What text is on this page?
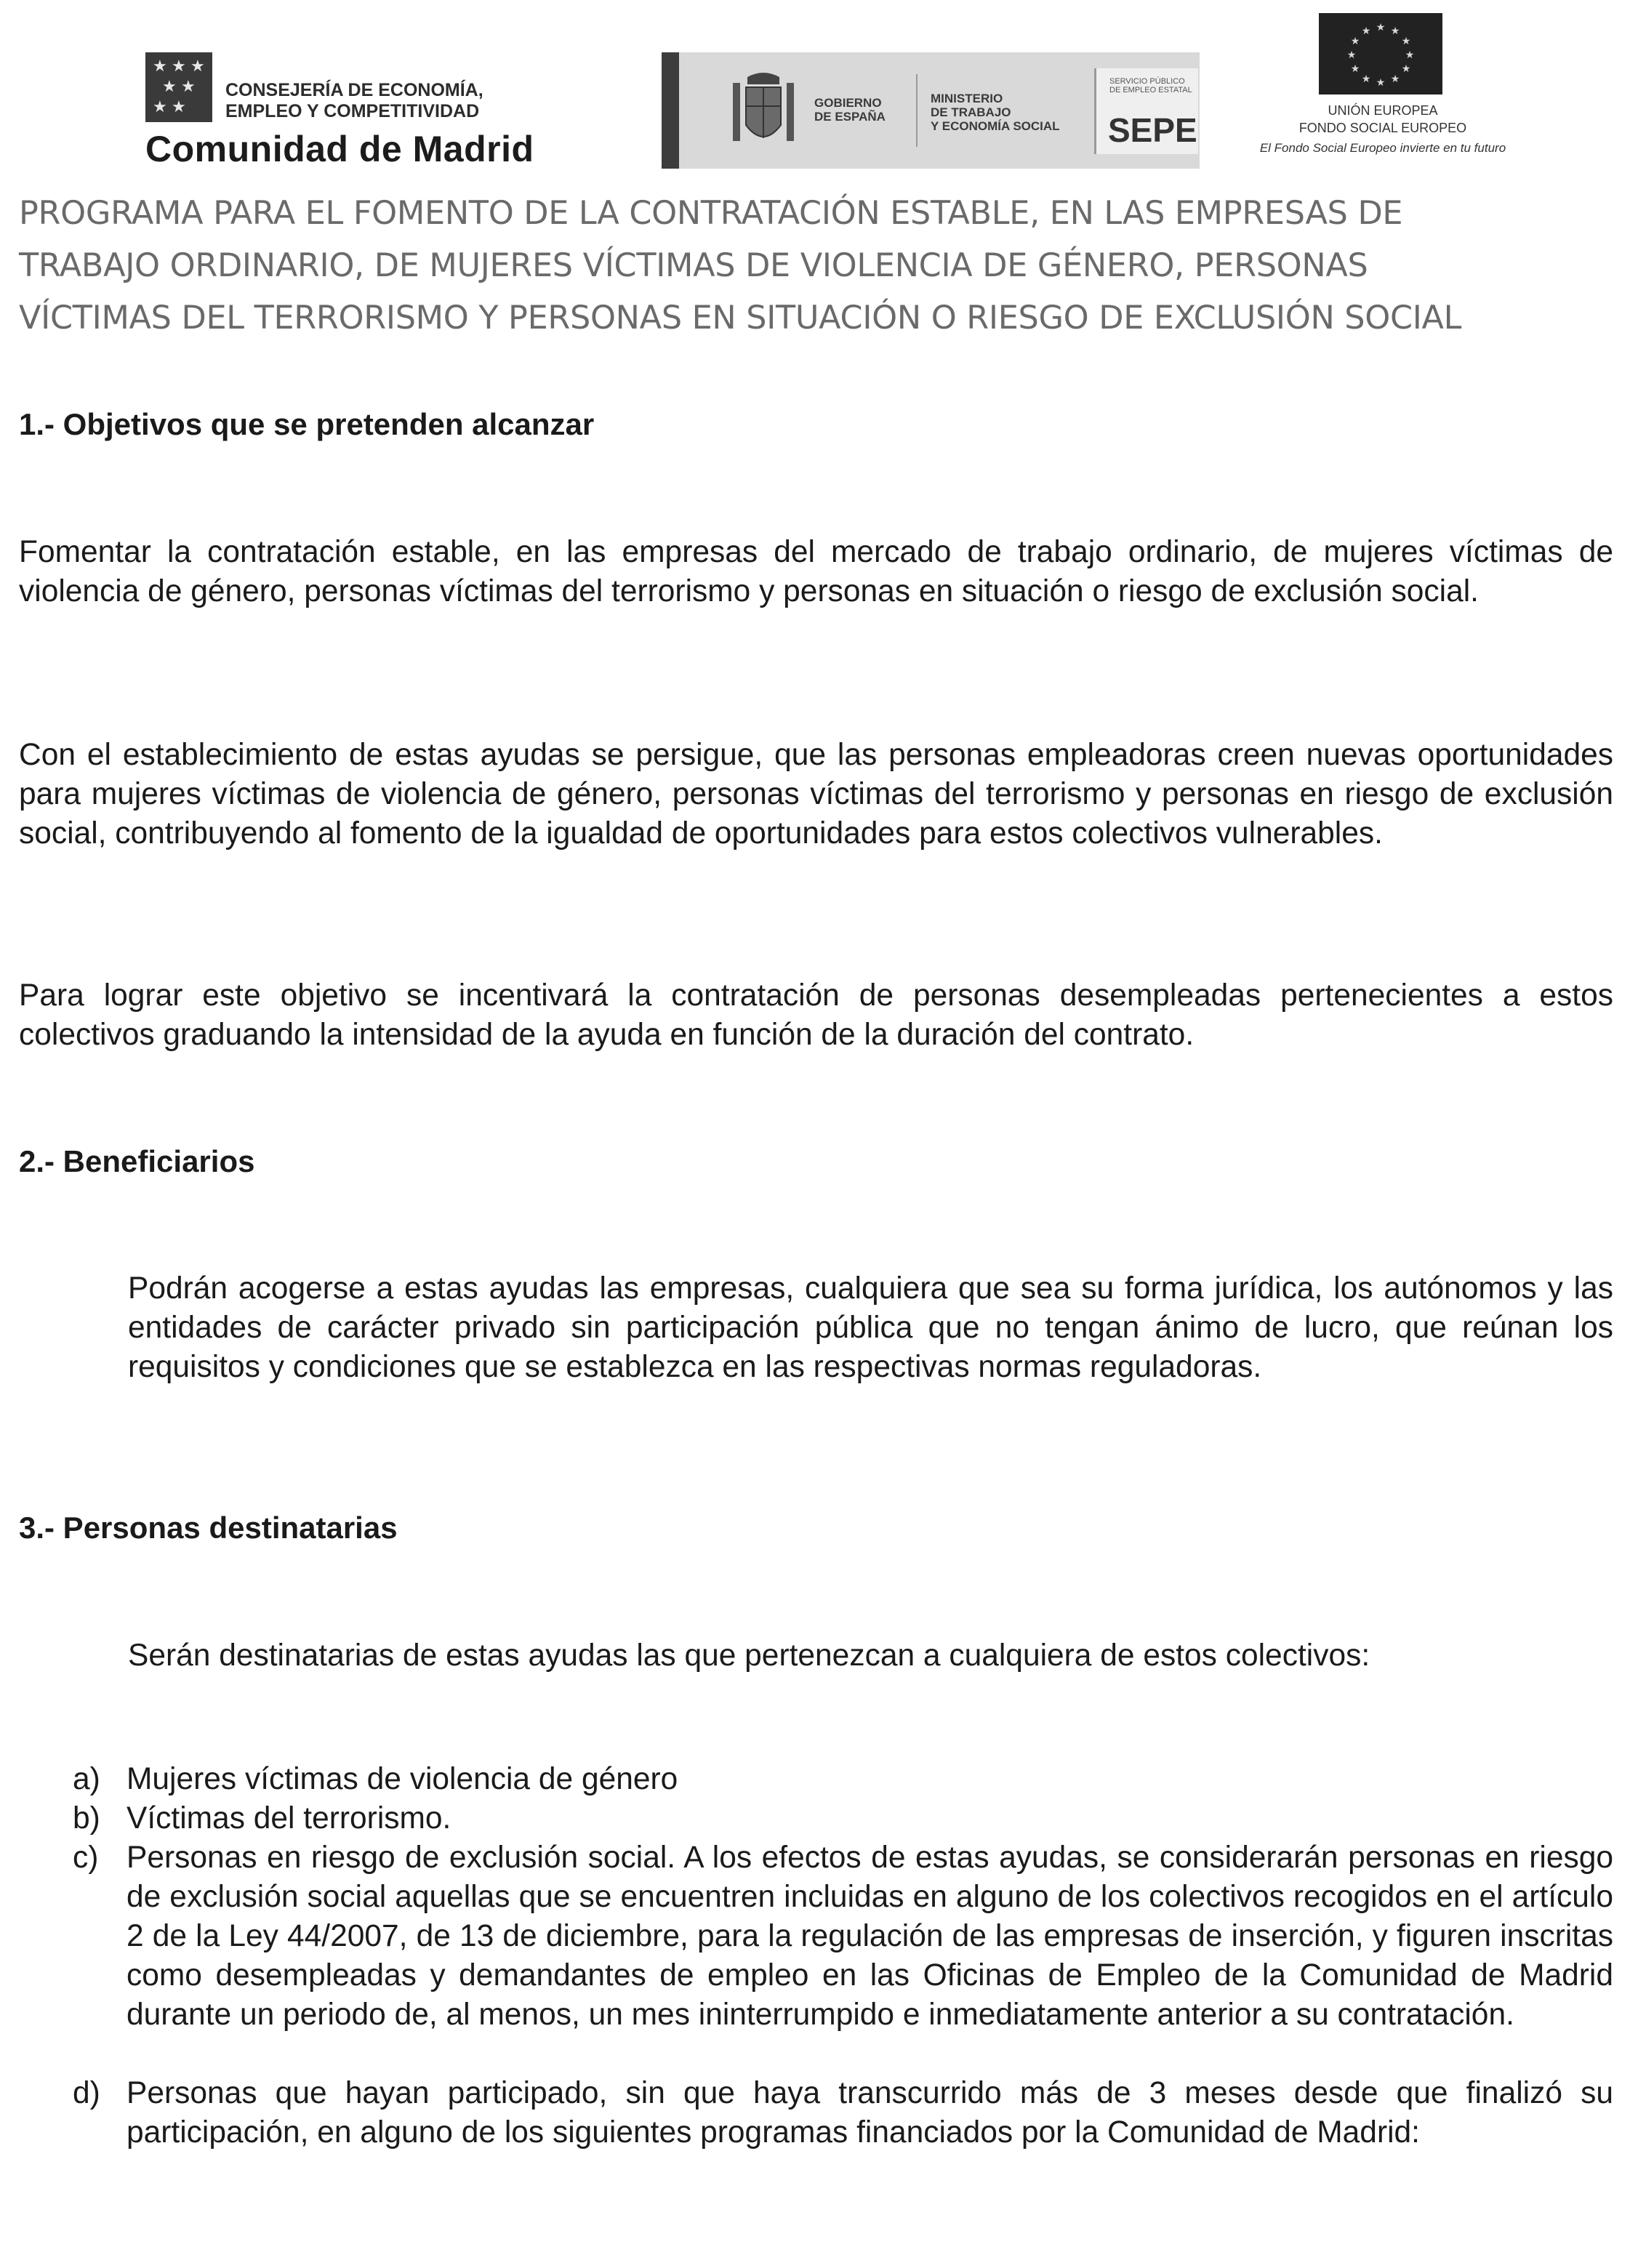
★ ★ ★
★ ★
★ ★
CONSEJERÍA DE ECONOMÍA,
EMPLEO Y COMPETITIVIDAD
Comunidad de Madrid
GOBIERNO
DE ESPAÑA
MINISTERIO
DE TRABAJO
Y ECONOMÍA SOCIAL
SERVICIO PÚBLICO
DE EMPLEO ESTATAL
SEPE
★ ★
★
★
★
★
★
★
★
★
★
★
UNIÓN EUROPEA
FONDO SOCIAL EUROPEO
El Fondo Social Europeo invierte en tu futuro
PROGRAMA PARA EL FOMENTO DE LA CONTRATACIÓN ESTABLE, EN LAS EMPRESAS DE
TRABAJO ORDINARIO, DE MUJERES VÍCTIMAS DE VIOLENCIA DE GÉNERO, PERSONAS
VÍCTIMAS DEL TERRORISMO Y PERSONAS EN SITUACIÓN O RIESGO DE EXCLUSIÓN SOCIAL
1.- Objetivos que se pretenden alcanzar
Fomentar la contratación estable, en las empresas del mercado de trabajo ordinario, de mujeres víctimas de violencia de género, personas víctimas del terrorismo y personas en situación o riesgo de exclusión social.
Con el establecimiento de estas ayudas se persigue, que las personas empleadoras creen nuevas oportunidades para mujeres víctimas de violencia de género, personas víctimas del terrorismo y personas en riesgo de exclusión social, contribuyendo al fomento de la igualdad de oportunidades para estos colectivos vulnerables.
Para lograr este objetivo se incentivará la contratación de personas desempleadas pertenecientes a estos colectivos graduando la intensidad de la ayuda en función de la duración del contrato.
2.- Beneficiarios
Podrán acogerse a estas ayudas las empresas, cualquiera que sea su forma jurídica, los autónomos y las entidades de carácter privado sin participación pública que no tengan ánimo de lucro, que reúnan los requisitos y condiciones que se establezca en las respectivas normas reguladoras.
3.- Personas destinatarias
Serán destinatarias de estas ayudas las que pertenezcan a cualquiera de estos colectivos:
a) Mujeres víctimas de violencia de género
b) Víctimas del terrorismo.
c) Personas en riesgo de exclusión social. A los efectos de estas ayudas, se considerarán personas en riesgo de exclusión social aquellas que se encuentren incluidas en alguno de los colectivos recogidos en el artículo 2 de la Ley 44/2007, de 13 de diciembre, para la regulación de las empresas de inserción, y figuren inscritas como desempleadas y demandantes de empleo en las Oficinas de Empleo de la Comunidad de Madrid durante un periodo de, al menos, un mes ininterrumpido e inmediatamente anterior a su contratación.
d) Personas que hayan participado, sin que haya transcurrido más de 3 meses desde que finalizó su participación, en alguno de los siguientes programas financiados por la Comunidad de Madrid:
